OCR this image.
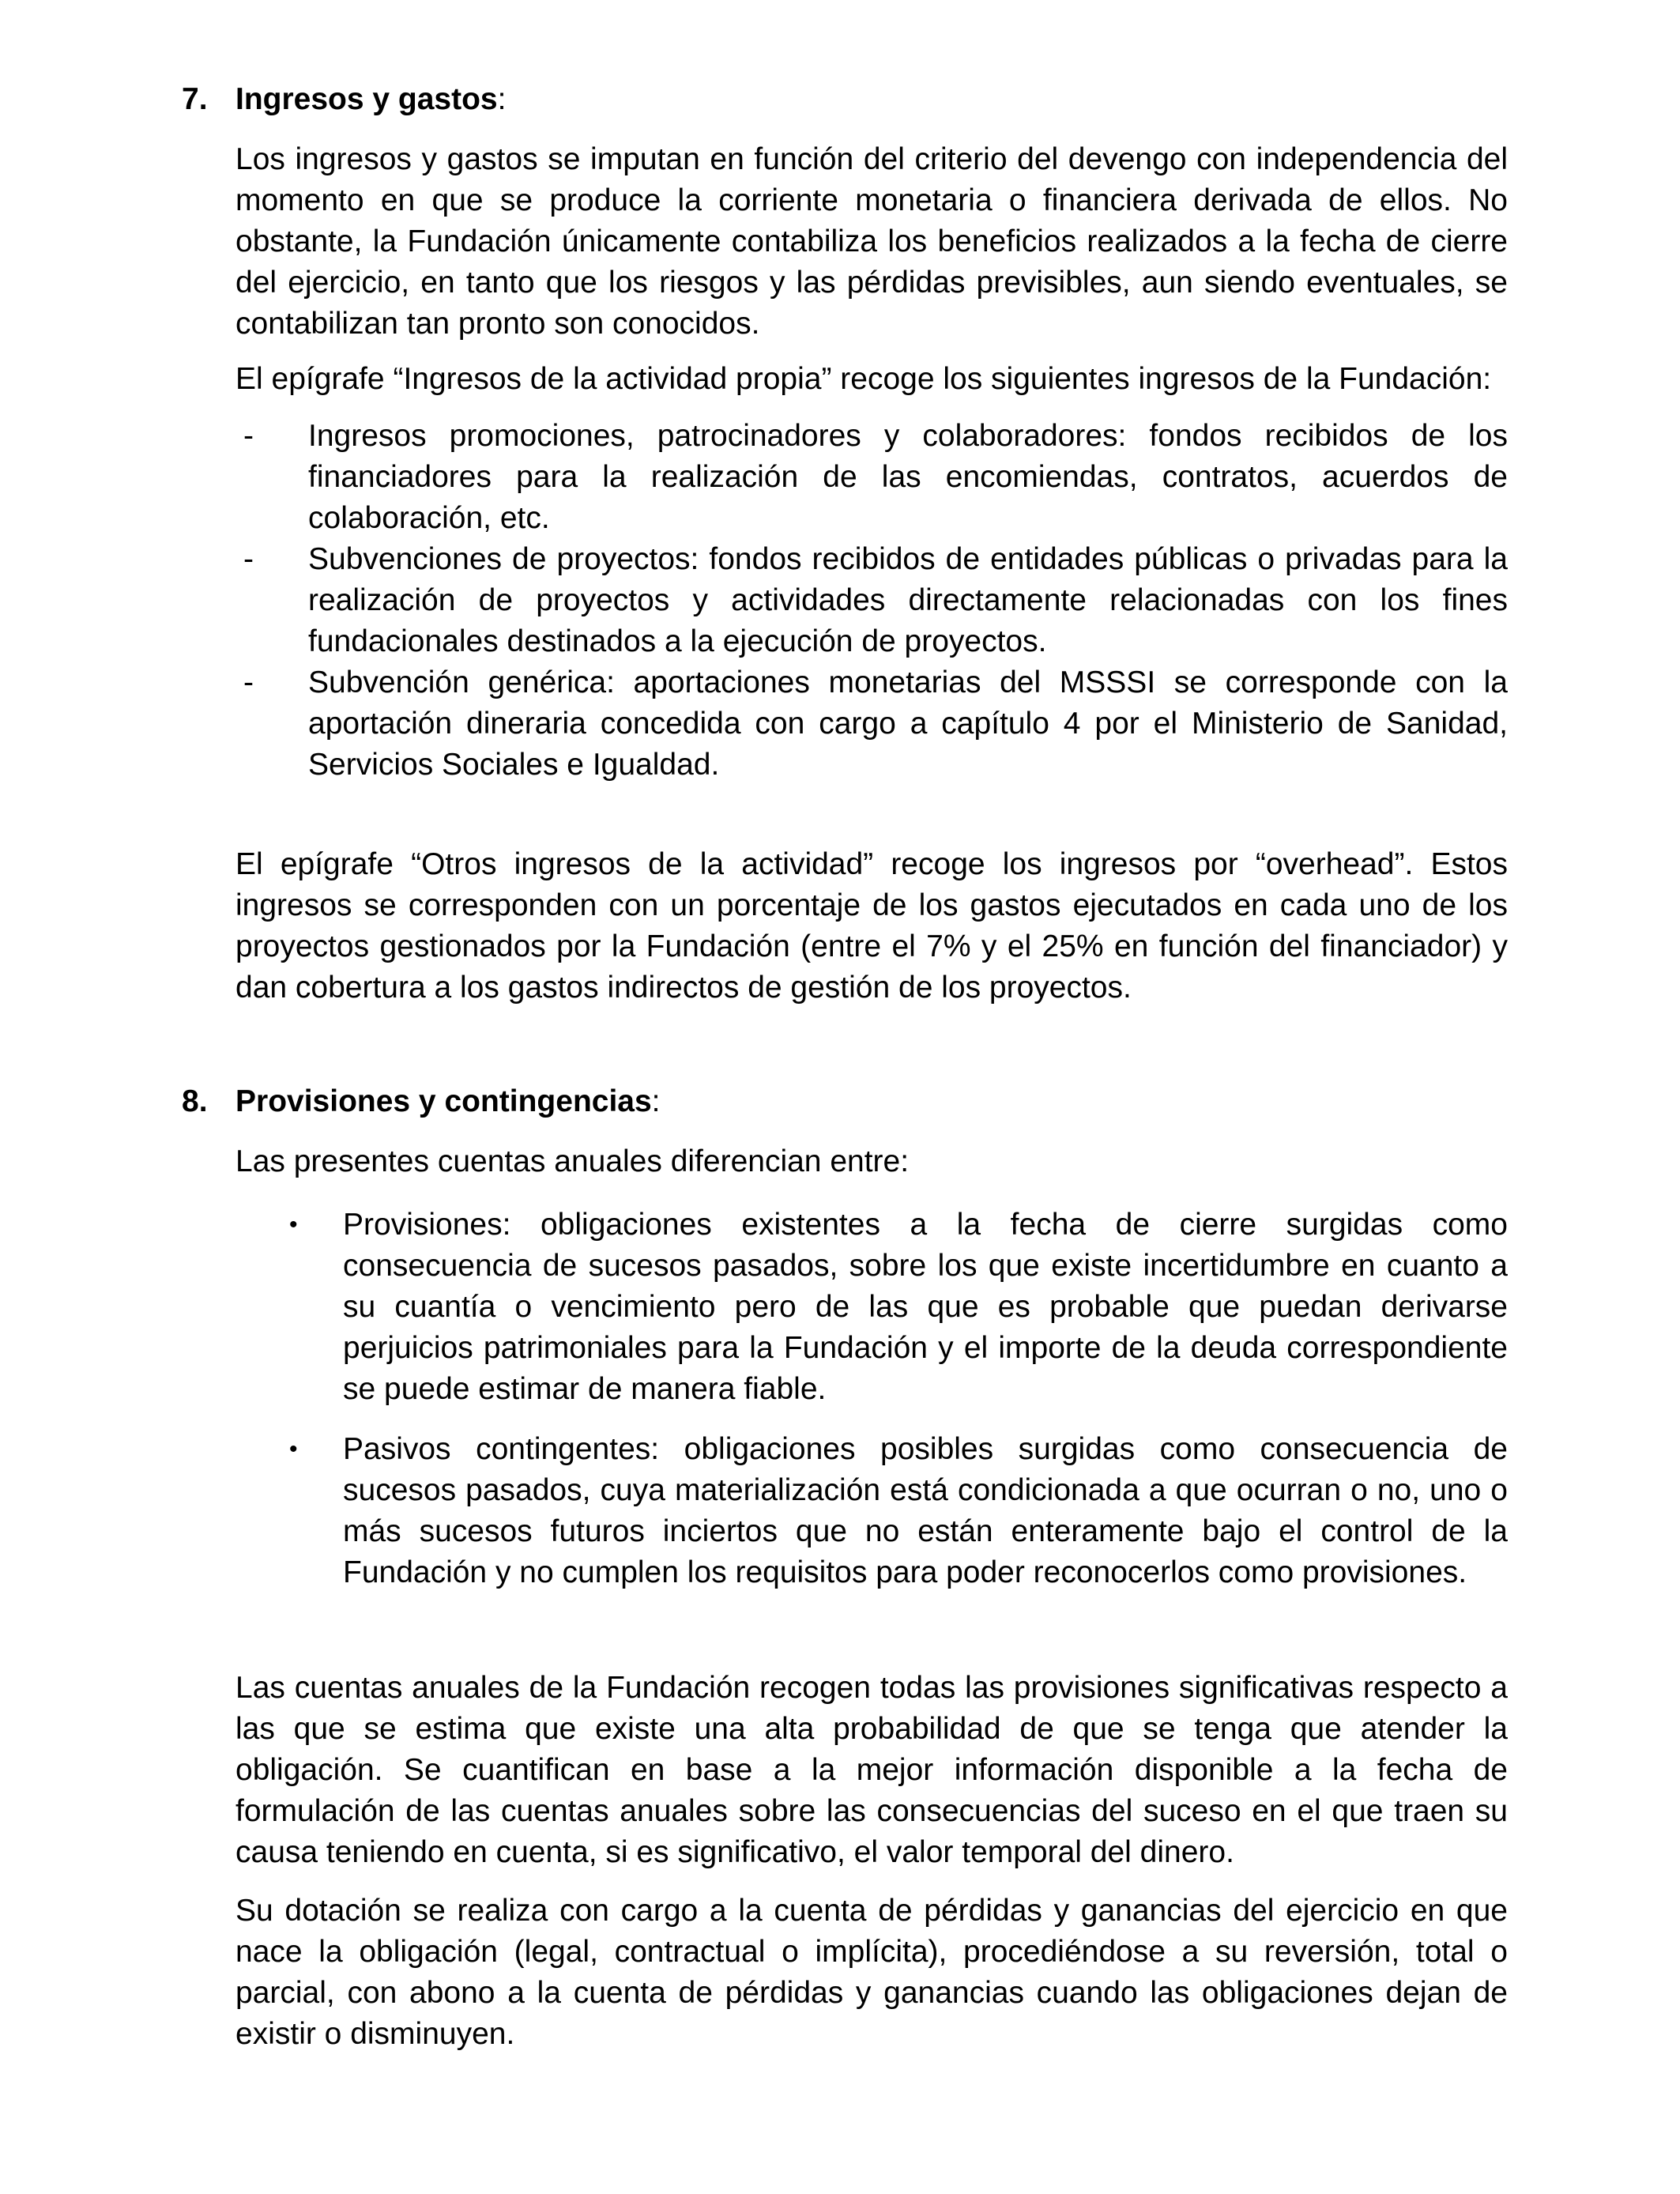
7. Ingresos y gastos:

Los ingresos y gastos se imputan en función del criterio del devengo con independencia del momento en que se produce la corriente monetaria o financiera derivada de ellos. No obstante, la Fundación únicamente contabiliza los beneficios realizados a la fecha de cierre del ejercicio, en tanto que los riesgos y las pérdidas previsibles, aun siendo eventuales, se contabilizan tan pronto son conocidos.

El epígrafe “Ingresos de la actividad propia” recoge los siguientes ingresos de la Fundación:

- Ingresos promociones, patrocinadores y colaboradores: fondos recibidos de los financiadores para la realización de las encomiendas, contratos, acuerdos de colaboración, etc.
- Subvenciones de proyectos: fondos recibidos de entidades públicas o privadas para la realización de proyectos y actividades directamente relacionadas con los fines fundacionales destinados a la ejecución de proyectos.
- Subvención genérica: aportaciones monetarias del MSSSI se corresponde con la aportación dineraria concedida con cargo a capítulo 4 por el Ministerio de Sanidad, Servicios Sociales e Igualdad.

El epígrafe “Otros ingresos de la actividad” recoge los ingresos por “overhead”. Estos ingresos se corresponden con un porcentaje de los gastos ejecutados en cada uno de los proyectos gestionados por la Fundación (entre el 7% y el 25% en función del financiador) y dan cobertura a los gastos indirectos de gestión de los proyectos.

8. Provisiones y contingencias:

Las presentes cuentas anuales diferencian entre:

• Provisiones: obligaciones existentes a la fecha de cierre surgidas como consecuencia de sucesos pasados, sobre los que existe incertidumbre en cuanto a su cuantía o vencimiento pero de las que es probable que puedan derivarse perjuicios patrimoniales para la Fundación y el importe de la deuda correspondiente se puede estimar de manera fiable.
• Pasivos contingentes: obligaciones posibles surgidas como consecuencia de sucesos pasados, cuya materialización está condicionada a que ocurran o no, uno o más sucesos futuros inciertos que no están enteramente bajo el control de la Fundación y no cumplen los requisitos para poder reconocerlos como provisiones.

Las cuentas anuales de la Fundación recogen todas las provisiones significativas respecto a las que se estima que existe una alta probabilidad de que se tenga que atender la obligación. Se cuantifican en base a la mejor información disponible a la fecha de formulación de las cuentas anuales sobre las consecuencias del suceso en el que traen su causa teniendo en cuenta, si es significativo, el valor temporal del dinero.

Su dotación se realiza con cargo a la cuenta de pérdidas y ganancias del ejercicio en que nace la obligación (legal, contractual o implícita), procediéndose a su reversión, total o parcial, con abono a la cuenta de pérdidas y ganancias cuando las obligaciones dejan de existir o disminuyen.
